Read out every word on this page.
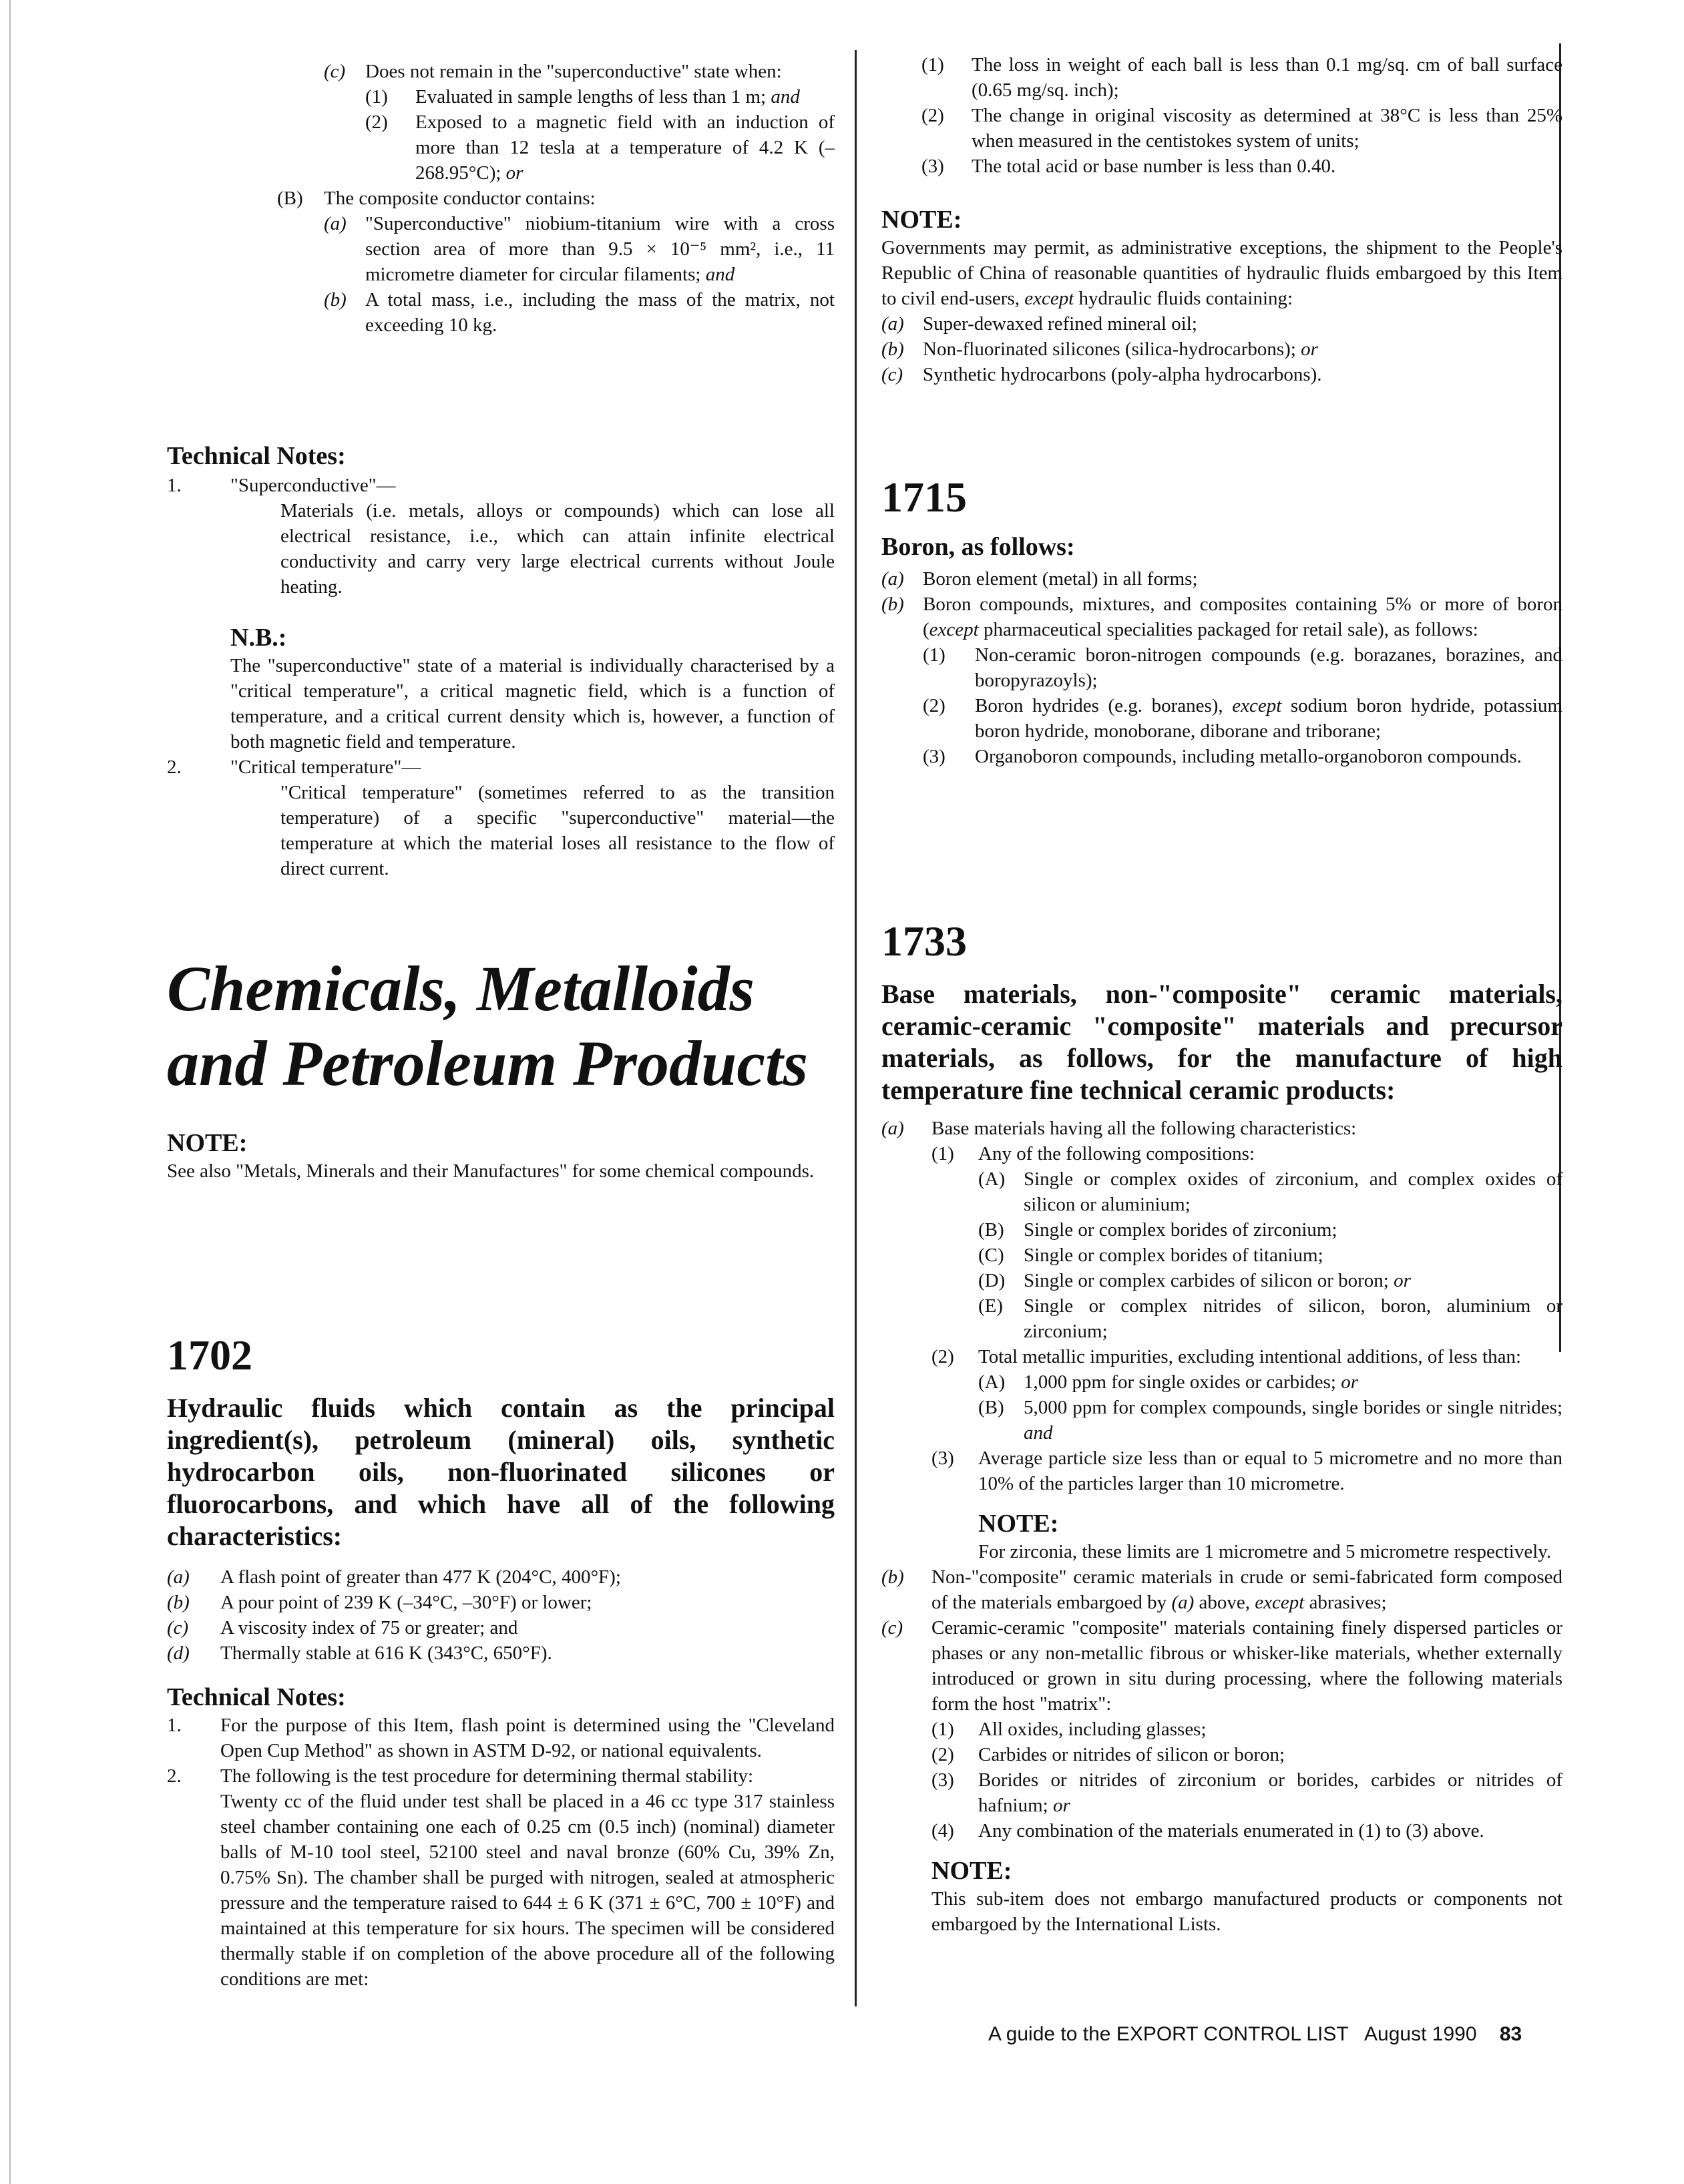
(c)	Does not remain in the "superconductive" state when:
(1)	Evaluated in sample lengths of less than 1 m; and
(2)	Exposed to a magnetic field with an induction of more than 12 tesla at a temperature of 4.2 K (–268.95°C); or
(B)	The composite conductor contains:
(a) "Superconductive" niobium-titanium wire with a cross section area of more than 9.5 × 10⁻⁵ mm², i.e., 11 micrometre diameter for circular filaments; and
(b) A total mass, i.e., including the mass of the matrix, not exceeding 10 kg.
Technical Notes:
1.	"Superconductive"—
Materials (i.e. metals, alloys or compounds) which can lose all electrical resistance, i.e., which can attain infinite electrical conductivity and carry very large electrical currents without Joule heating.
N.B.:
The "superconductive" state of a material is individually characterised by a "critical temperature", a critical magnetic field, which is a function of temperature, and a critical current density which is, however, a function of both magnetic field and temperature.
2.	"Critical temperature"—
"Critical temperature" (sometimes referred to as the transition temperature) of a specific "superconductive" material—the temperature at which the material loses all resistance to the flow of direct current.
Chemicals, Metalloids and Petroleum Products
NOTE:
See also "Metals, Minerals and their Manufactures" for some chemical compounds.
1702
Hydraulic fluids which contain as the principal ingredient(s), petroleum (mineral) oils, synthetic hydrocarbon oils, non-fluorinated silicones or fluorocarbons, and which have all of the following characteristics:
(a)	A flash point of greater than 477 K (204°C, 400°F);
(b)	A pour point of 239 K (–34°C, –30°F) or lower;
(c)	A viscosity index of 75 or greater; and
(d)	Thermally stable at 616 K (343°C, 650°F).
Technical Notes:
1.	For the purpose of this Item, flash point is determined using the "Cleveland Open Cup Method" as shown in ASTM D-92, or national equivalents.
2.	The following is the test procedure for determining thermal stability:
Twenty cc of the fluid under test shall be placed in a 46 cc type 317 stainless steel chamber containing one each of 0.25 cm (0.5 inch) (nominal) diameter balls of M-10 tool steel, 52100 steel and naval bronze (60% Cu, 39% Zn, 0.75% Sn). The chamber shall be purged with nitrogen, sealed at atmospheric pressure and the temperature raised to 644 ± 6 K (371 ± 6°C, 700 ± 10°F) and maintained at this temperature for six hours. The specimen will be considered thermally stable if on completion of the above procedure all of the following conditions are met:
(1)	The loss in weight of each ball is less than 0.1 mg/sq. cm of ball surface (0.65 mg/sq. inch);
(2)	The change in original viscosity as determined at 38°C is less than 25% when measured in the centistokes system of units;
(3)	The total acid or base number is less than 0.40.
NOTE:
Governments may permit, as administrative exceptions, the shipment to the People's Republic of China of reasonable quantities of hydraulic fluids embargoed by this Item to civil end-users, except hydraulic fluids containing:
(a) Super-dewaxed refined mineral oil;
(b) Non-fluorinated silicones (silica-hydrocarbons); or
(c)	Synthetic hydrocarbons (poly-alpha hydrocarbons).
1715
Boron, as follows:
(a) Boron element (metal) in all forms;
(b) Boron compounds, mixtures, and composites containing 5% or more of boron (except pharmaceutical specialities packaged for retail sale), as follows:
(1)	Non-ceramic boron-nitrogen compounds (e.g. borazanes, borazines, and boropyrazoyls);
(2)	Boron hydrides (e.g. boranes), except sodium boron hydride, potassium boron hydride, monoborane, diborane and triborane;
(3)	Organoboron compounds, including metallo-organoboron compounds.
1733
Base materials, non-"composite" ceramic materials, ceramic-ceramic "composite" materials and precursor materials, as follows, for the manufacture of high temperature fine technical ceramic products:
(a)	Base materials having all the following characteristics:
(1)	Any of the following compositions:
(A) Single or complex oxides of zirconium, and complex oxides of silicon or aluminium;
(B)	Single or complex borides of zirconium;
(C)	Single or complex borides of titanium;
(D) Single or complex carbides of silicon or boron; or
(E)	Single or complex nitrides of silicon, boron, aluminium or zirconium;
(2)	Total metallic impurities, excluding intentional additions, of less than:
(A) 1,000 ppm for single oxides or carbides; or
(B)	5,000 ppm for complex compounds, single borides or single nitrides; and
(3)	Average particle size less than or equal to 5 micrometre and no more than 10% of the particles larger than 10 micrometre.
NOTE:
For zirconia, these limits are 1 micrometre and 5 micrometre respectively.
(b)	Non-"composite" ceramic materials in crude or semi-fabricated form composed of the materials embargoed by (a) above, except abrasives;
(c)	Ceramic-ceramic "composite" materials containing finely dispersed particles or phases or any non-metallic fibrous or whisker-like materials, whether externally introduced or grown in situ during processing, where the following materials form the host "matrix":
(1)	All oxides, including glasses;
(2)	Carbides or nitrides of silicon or boron;
(3)	Borides or nitrides of zirconium or borides, carbides or nitrides of hafnium; or
(4)	Any combination of the materials enumerated in (1) to (3) above.
NOTE:
This sub-item does not embargo manufactured products or components not embargoed by the International Lists.
A guide to the EXPORT CONTROL LIST August 1990 83
